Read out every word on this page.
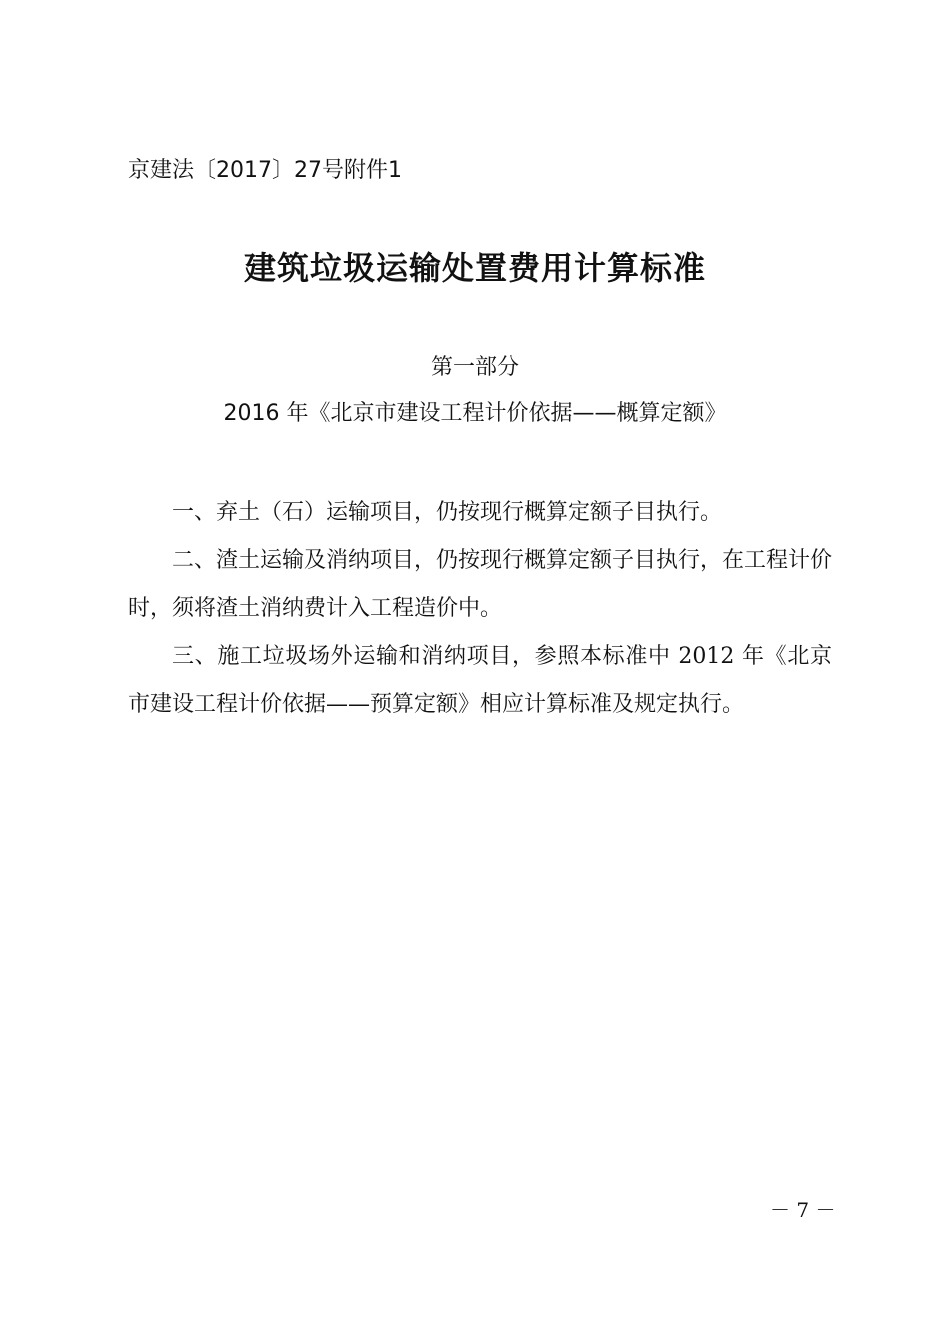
京建法〔2017〕27号附件1
建筑垃圾运输处置费用计算标准
第一部分
2016 年《北京市建设工程计价依据——概算定额》

一、弃土（石）运输项目，仍按现行概算定额子目执行。

二、渣土运输及消纳项目，仍按现行概算定额子目执行，在工程计价时，须将渣土消纳费计入工程造价中。

三、施工垃圾场外运输和消纳项目，参照本标准中 2012 年《北京市建设工程计价依据——预算定额》相应计算标准及规定执行。

－ 7 －
